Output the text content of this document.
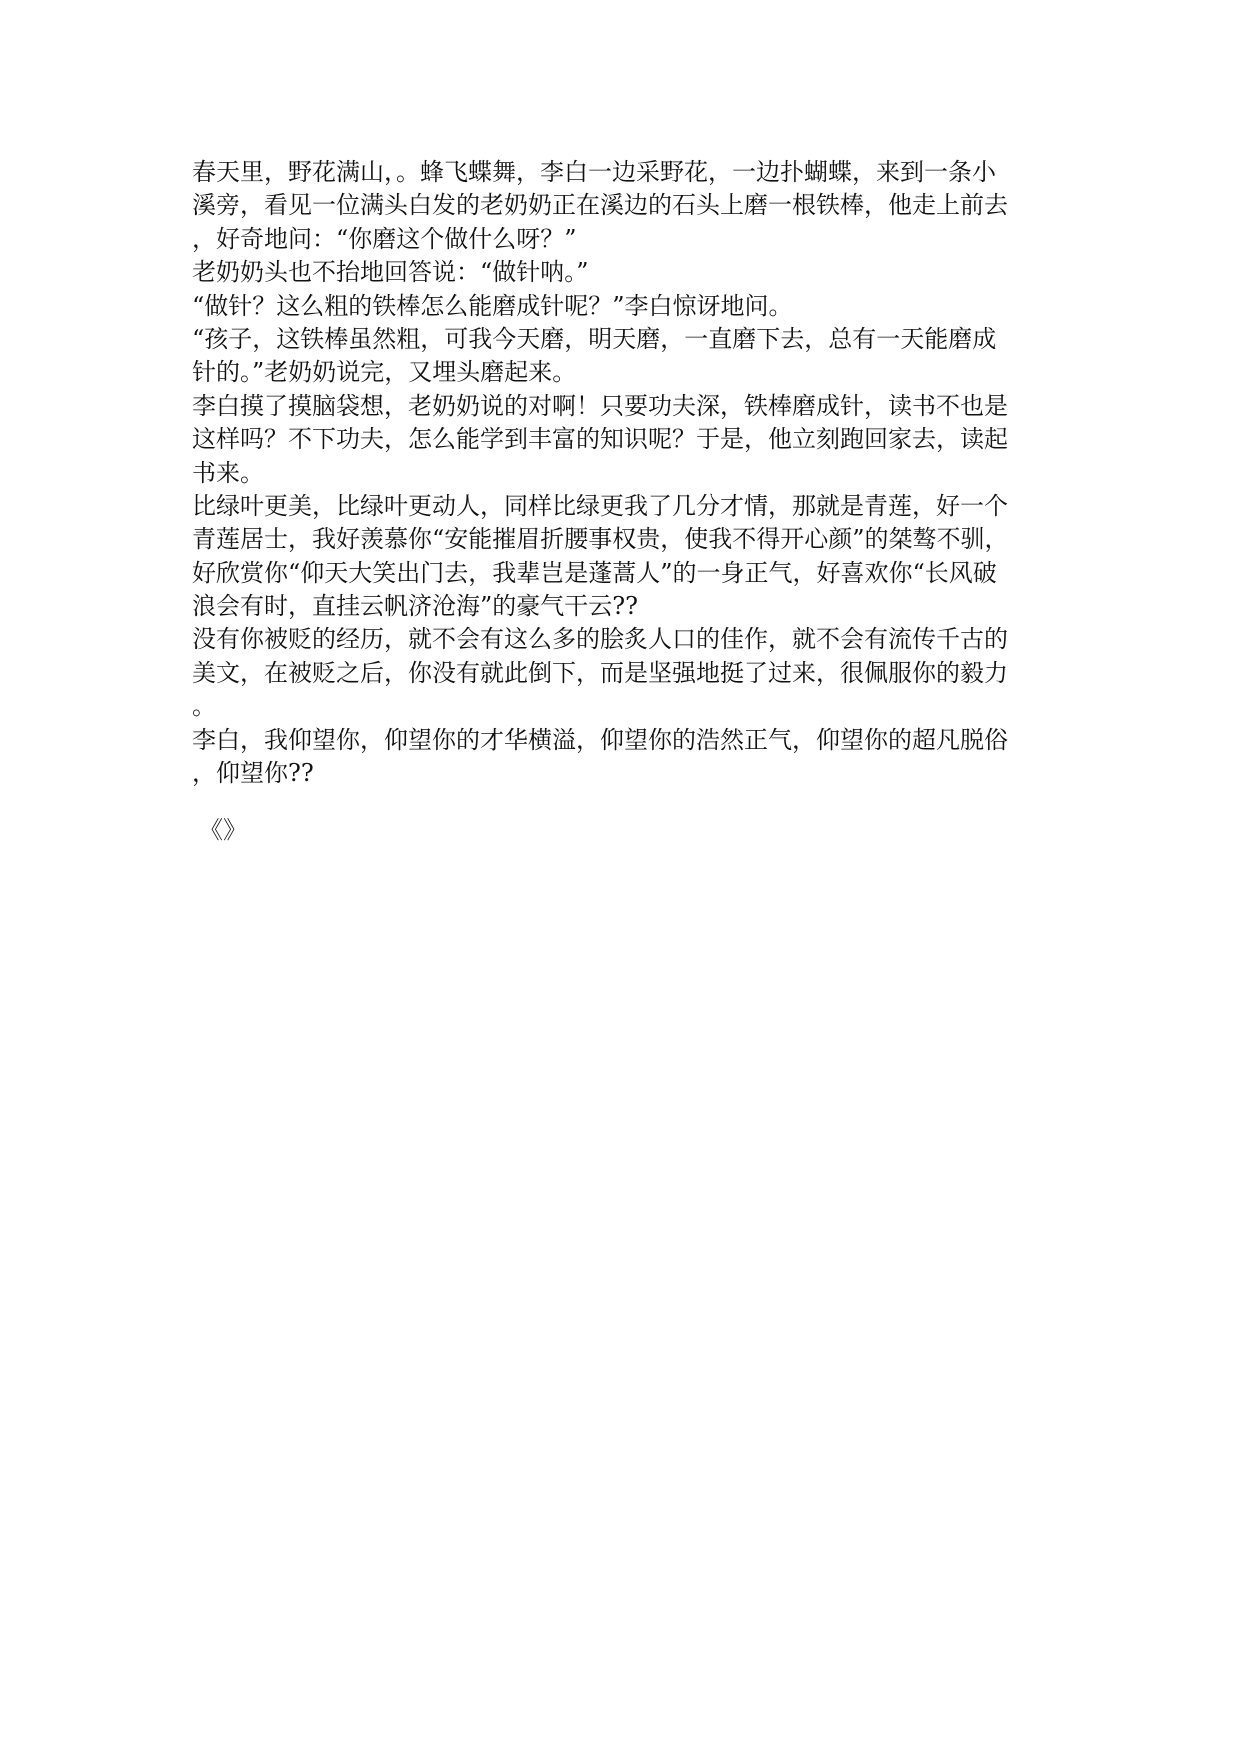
春天里，野花满山，。蜂飞蝶舞，李白一边采野花，一边扑蝴蝶，来到一条小
溪旁，看见一位满头白发的老奶奶正在溪边的石头上磨一根铁棒，他走上前去
，好奇地问：“你磨这个做什么呀？”
老奶奶头也不抬地回答说：“做针呐。”
“做针？这么粗的铁棒怎么能磨成针呢？”李白惊讶地问。
“孩子，这铁棒虽然粗，可我今天磨，明天磨，一直磨下去，总有一天能磨成
针的。”老奶奶说完，又埋头磨起来。
李白摸了摸脑袋想，老奶奶说的对啊！只要功夫深，铁棒磨成针，读书不也是
这样吗？不下功夫，怎么能学到丰富的知识呢？于是，他立刻跑回家去，读起
书来。
比绿叶更美，比绿叶更动人，同样比绿更我了几分才情，那就是青莲，好一个
青莲居士，我好羡慕你“安能摧眉折腰事权贵，使我不得开心颜”的桀骜不驯，
好欣赏你“仰天大笑出门去，我辈岂是蓬蒿人”的一身正气，好喜欢你“长风破
浪会有时，直挂云帆济沧海”的豪气干云??
没有你被贬的经历，就不会有这么多的脍炙人口的佳作，就不会有流传千古的
美文，在被贬之后，你没有就此倒下，而是坚强地挺了过来，很佩服你的毅力
。
李白，我仰望你，仰望你的才华横溢，仰望你的浩然正气，仰望你的超凡脱俗
，仰望你??
《》
